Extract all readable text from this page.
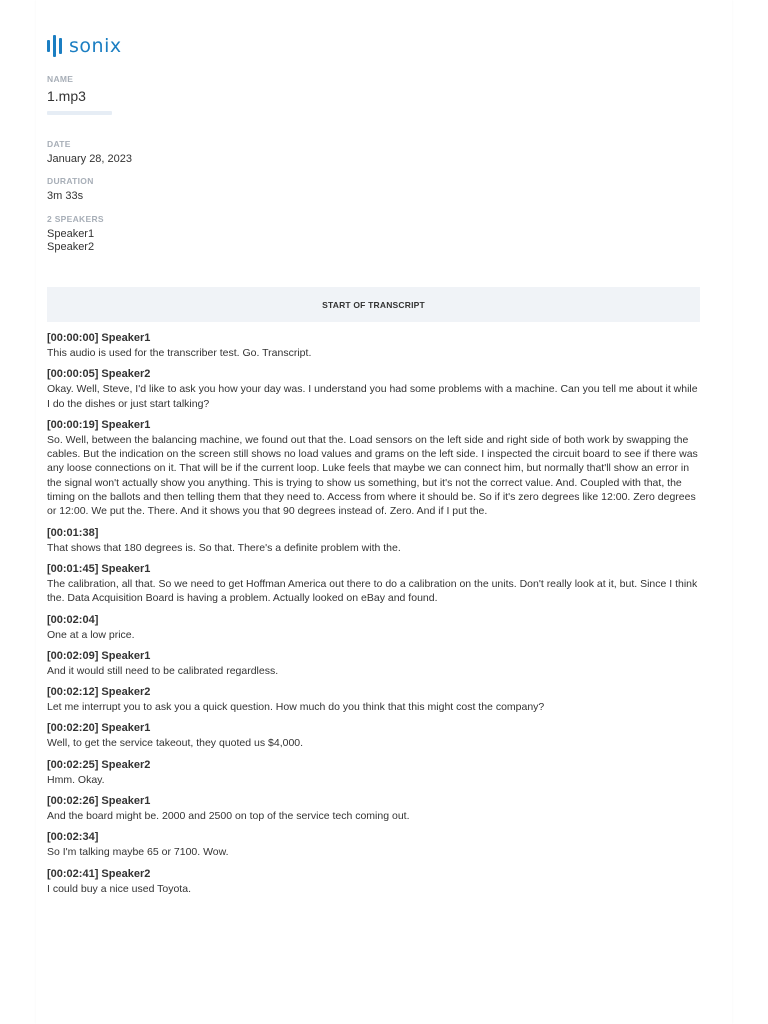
sonix
NAME
1.mp3
DATE
January 28, 2023
DURATION
3m 33s
2 SPEAKERS
Speaker1
Speaker2
START OF TRANSCRIPT
[00:00:00] Speaker1
This audio is used for the transcriber test. Go. Transcript.
[00:00:05] Speaker2
Okay. Well, Steve, I'd like to ask you how your day was. I understand you had some problems with a machine. Can you tell me about it while I do the dishes or just start talking?
[00:00:19] Speaker1
So. Well, between the balancing machine, we found out that the. Load sensors on the left side and right side of both work by swapping the cables. But the indication on the screen still shows no load values and grams on the left side. I inspected the circuit board to see if there was any loose connections on it. That will be if the current loop. Luke feels that maybe we can connect him, but normally that'll show an error in the signal won't actually show you anything. This is trying to show us something, but it's not the correct value. And. Coupled with that, the timing on the ballots and then telling them that they need to. Access from where it should be. So if it's zero degrees like 12:00. Zero degrees or 12:00. We put the. There. And it shows you that 90 degrees instead of. Zero. And if I put the.
[00:01:38]
That shows that 180 degrees is. So that. There's a definite problem with the.
[00:01:45] Speaker1
The calibration, all that. So we need to get Hoffman America out there to do a calibration on the units. Don't really look at it, but. Since I think the. Data Acquisition Board is having a problem. Actually looked on eBay and found.
[00:02:04]
One at a low price.
[00:02:09] Speaker1
And it would still need to be calibrated regardless.
[00:02:12] Speaker2
Let me interrupt you to ask you a quick question. How much do you think that this might cost the company?
[00:02:20] Speaker1
Well, to get the service takeout, they quoted us $4,000.
[00:02:25] Speaker2
Hmm. Okay.
[00:02:26] Speaker1
And the board might be. 2000 and 2500 on top of the service tech coming out.
[00:02:34]
So I'm talking maybe 65 or 7100. Wow.
[00:02:41] Speaker2
I could buy a nice used Toyota.
